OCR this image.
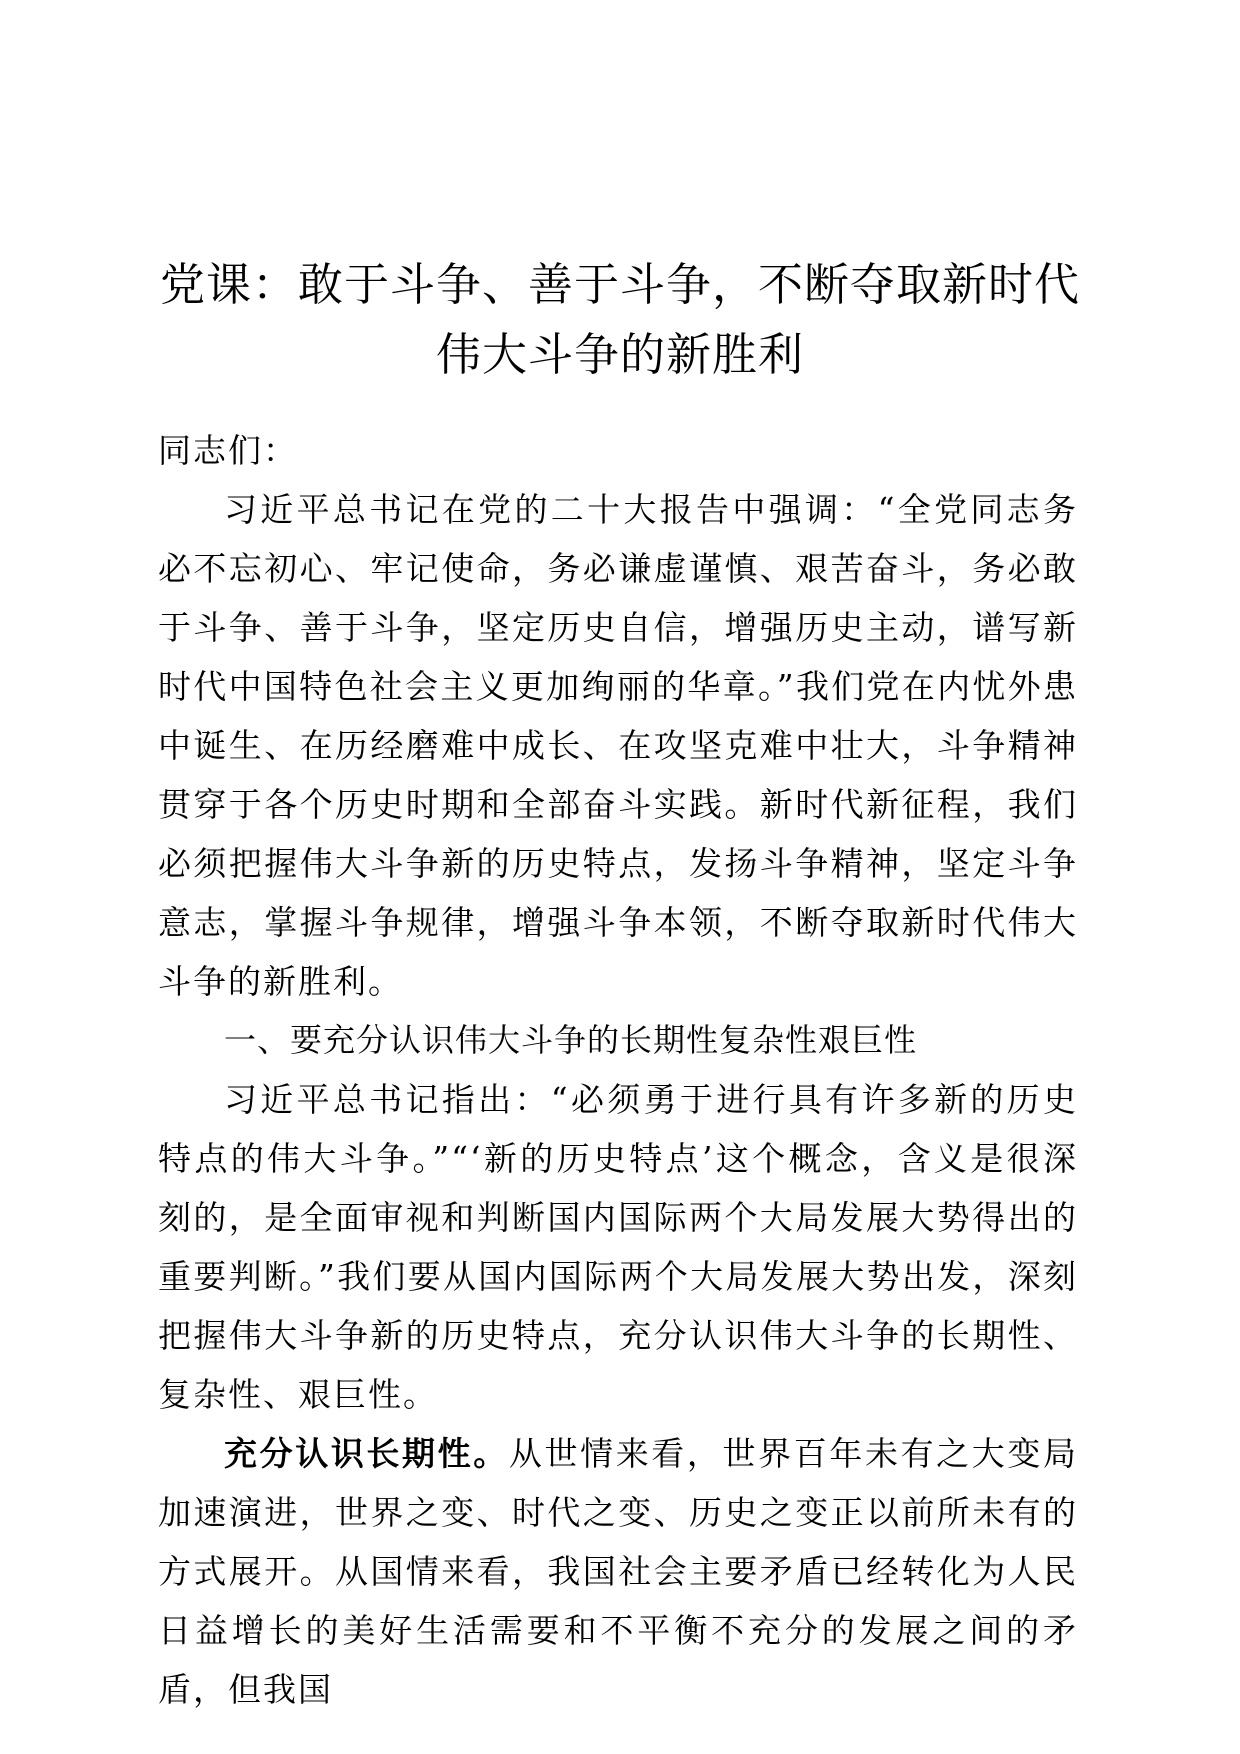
党课：敢于斗争、善于斗争，不断夺取新时代伟大斗争的新胜利

同志们：

习近平总书记在党的二十大报告中强调：“全党同志务必不忘初心、牢记使命，务必谦虚谨慎、艰苦奋斗，务必敢于斗争、善于斗争，坚定历史自信，增强历史主动，谱写新时代中国特色社会主义更加绚丽的华章。”我们党在内忧外患中诞生、在历经磨难中成长、在攻坚克难中壮大，斗争精神贯穿于各个历史时期和全部奋斗实践。新时代新征程，我们必须把握伟大斗争新的历史特点，发扬斗争精神，坚定斗争意志，掌握斗争规律，增强斗争本领，不断夺取新时代伟大斗争的新胜利。

一、要充分认识伟大斗争的长期性复杂性艰巨性

习近平总书记指出：“必须勇于进行具有许多新的历史特点的伟大斗争。”“‘新的历史特点’这个概念，含义是很深刻的，是全面审视和判断国内国际两个大局发展大势得出的重要判断。”我们要从国内国际两个大局发展大势出发，深刻把握伟大斗争新的历史特点，充分认识伟大斗争的长期性、复杂性、艰巨性。

充分认识长期性。从世情来看，世界百年未有之大变局加速演进，世界之变、时代之变、历史之变正以前所未有的方式展开。从国情来看，我国社会主要矛盾已经转化为人民日益增长的美好生活需要和不平衡不充分的发展之间的矛盾，但我国
